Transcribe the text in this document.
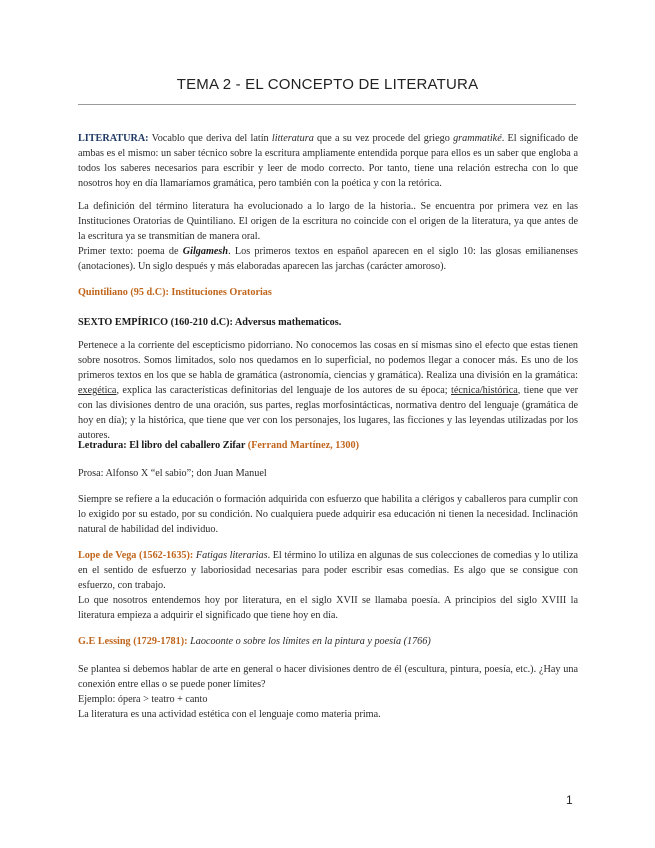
TEMA 2 - EL CONCEPTO DE LITERATURA

LITERATURA: Vocablo que deriva del latín litteratura que a su vez procede del griego grammatiké. El significado de ambas es el mismo: un saber técnico sobre la escritura ampliamente entendida porque para ellos es un saber que engloba a todos los saberes necesarios para escribir y leer de modo correcto. Por tanto, tiene una relación estrecha con lo que nosotros hoy en día llamaríamos gramática, pero también con la poética y con la retórica.

La definición del término literatura ha evolucionado a lo largo de la historia.. Se encuentra por primera vez en las Instituciones Oratorias de Quintiliano. El origen de la escritura no coincide con el origen de la literatura, ya que antes de la escritura ya se transmitían de manera oral.

Primer texto: poema de Gilgamesh. Los primeros textos en español aparecen en el siglo 10: las glosas emilianenses (anotaciones). Un siglo después y más elaboradas aparecen las jarchas (carácter amoroso).

Quintiliano (95 d.C): Instituciones Oratorias

SEXTO EMPÍRICO (160-210 d.C): Adversus mathematicos.

Pertenece a la corriente del escepticismo pidorriano. No conocemos las cosas en sí mismas sino el efecto que estas tienen sobre nosotros. Somos limitados, solo nos quedamos en lo superficial, no podemos llegar a conocer más. Es uno de los primeros textos en los que se habla de gramática (astronomía, ciencias y gramática). Realiza una división en la gramática: exegética, explica las características definitorias del lenguaje de los autores de su época; técnica/histórica, tiene que ver con las divisiones dentro de una oración, sus partes, reglas morfosintácticas, normativa dentro del lenguaje (gramática de hoy en día); y la histórica, que tiene que ver con los personajes, los lugares, las ficciones y las leyendas utilizadas por los autores.

Letradura: El libro del caballero Zifar (Ferrand Martínez, 1300)

Prosa: Alfonso X “el sabio”; don Juan Manuel

Siempre se refiere a la educación o formación adquirida con esfuerzo que habilita a clérigos y caballeros para cumplir con lo exigido por su estado, por su condición. No cualquiera puede adquirir esa educación ni tienen la necesidad. Inclinación natural de habilidad del individuo.

Lope de Vega (1562-1635): Fatigas literarias. El término lo utiliza en algunas de sus colecciones de comedias y lo utiliza en el sentido de esfuerzo y laboriosidad necesarias para poder escribir esas comedias. Es algo que se consigue con esfuerzo, con trabajo.

Lo que nosotros entendemos hoy por literatura, en el siglo XVII se llamaba poesía. A principios del siglo XVIII la literatura empieza a adquirir el significado que tiene hoy en día.

G.E Lessing (1729-1781): Laocoonte o sobre los límites en la pintura y poesía (1766)

Se plantea si debemos hablar de arte en general o hacer divisiones dentro de él (escultura, pintura, poesía, etc.). ¿Hay una conexión entre ellas o se puede poner límites?

Ejemplo: ópera > teatro + canto

La literatura es una actividad estética con el lenguaje como materia prima.

1
